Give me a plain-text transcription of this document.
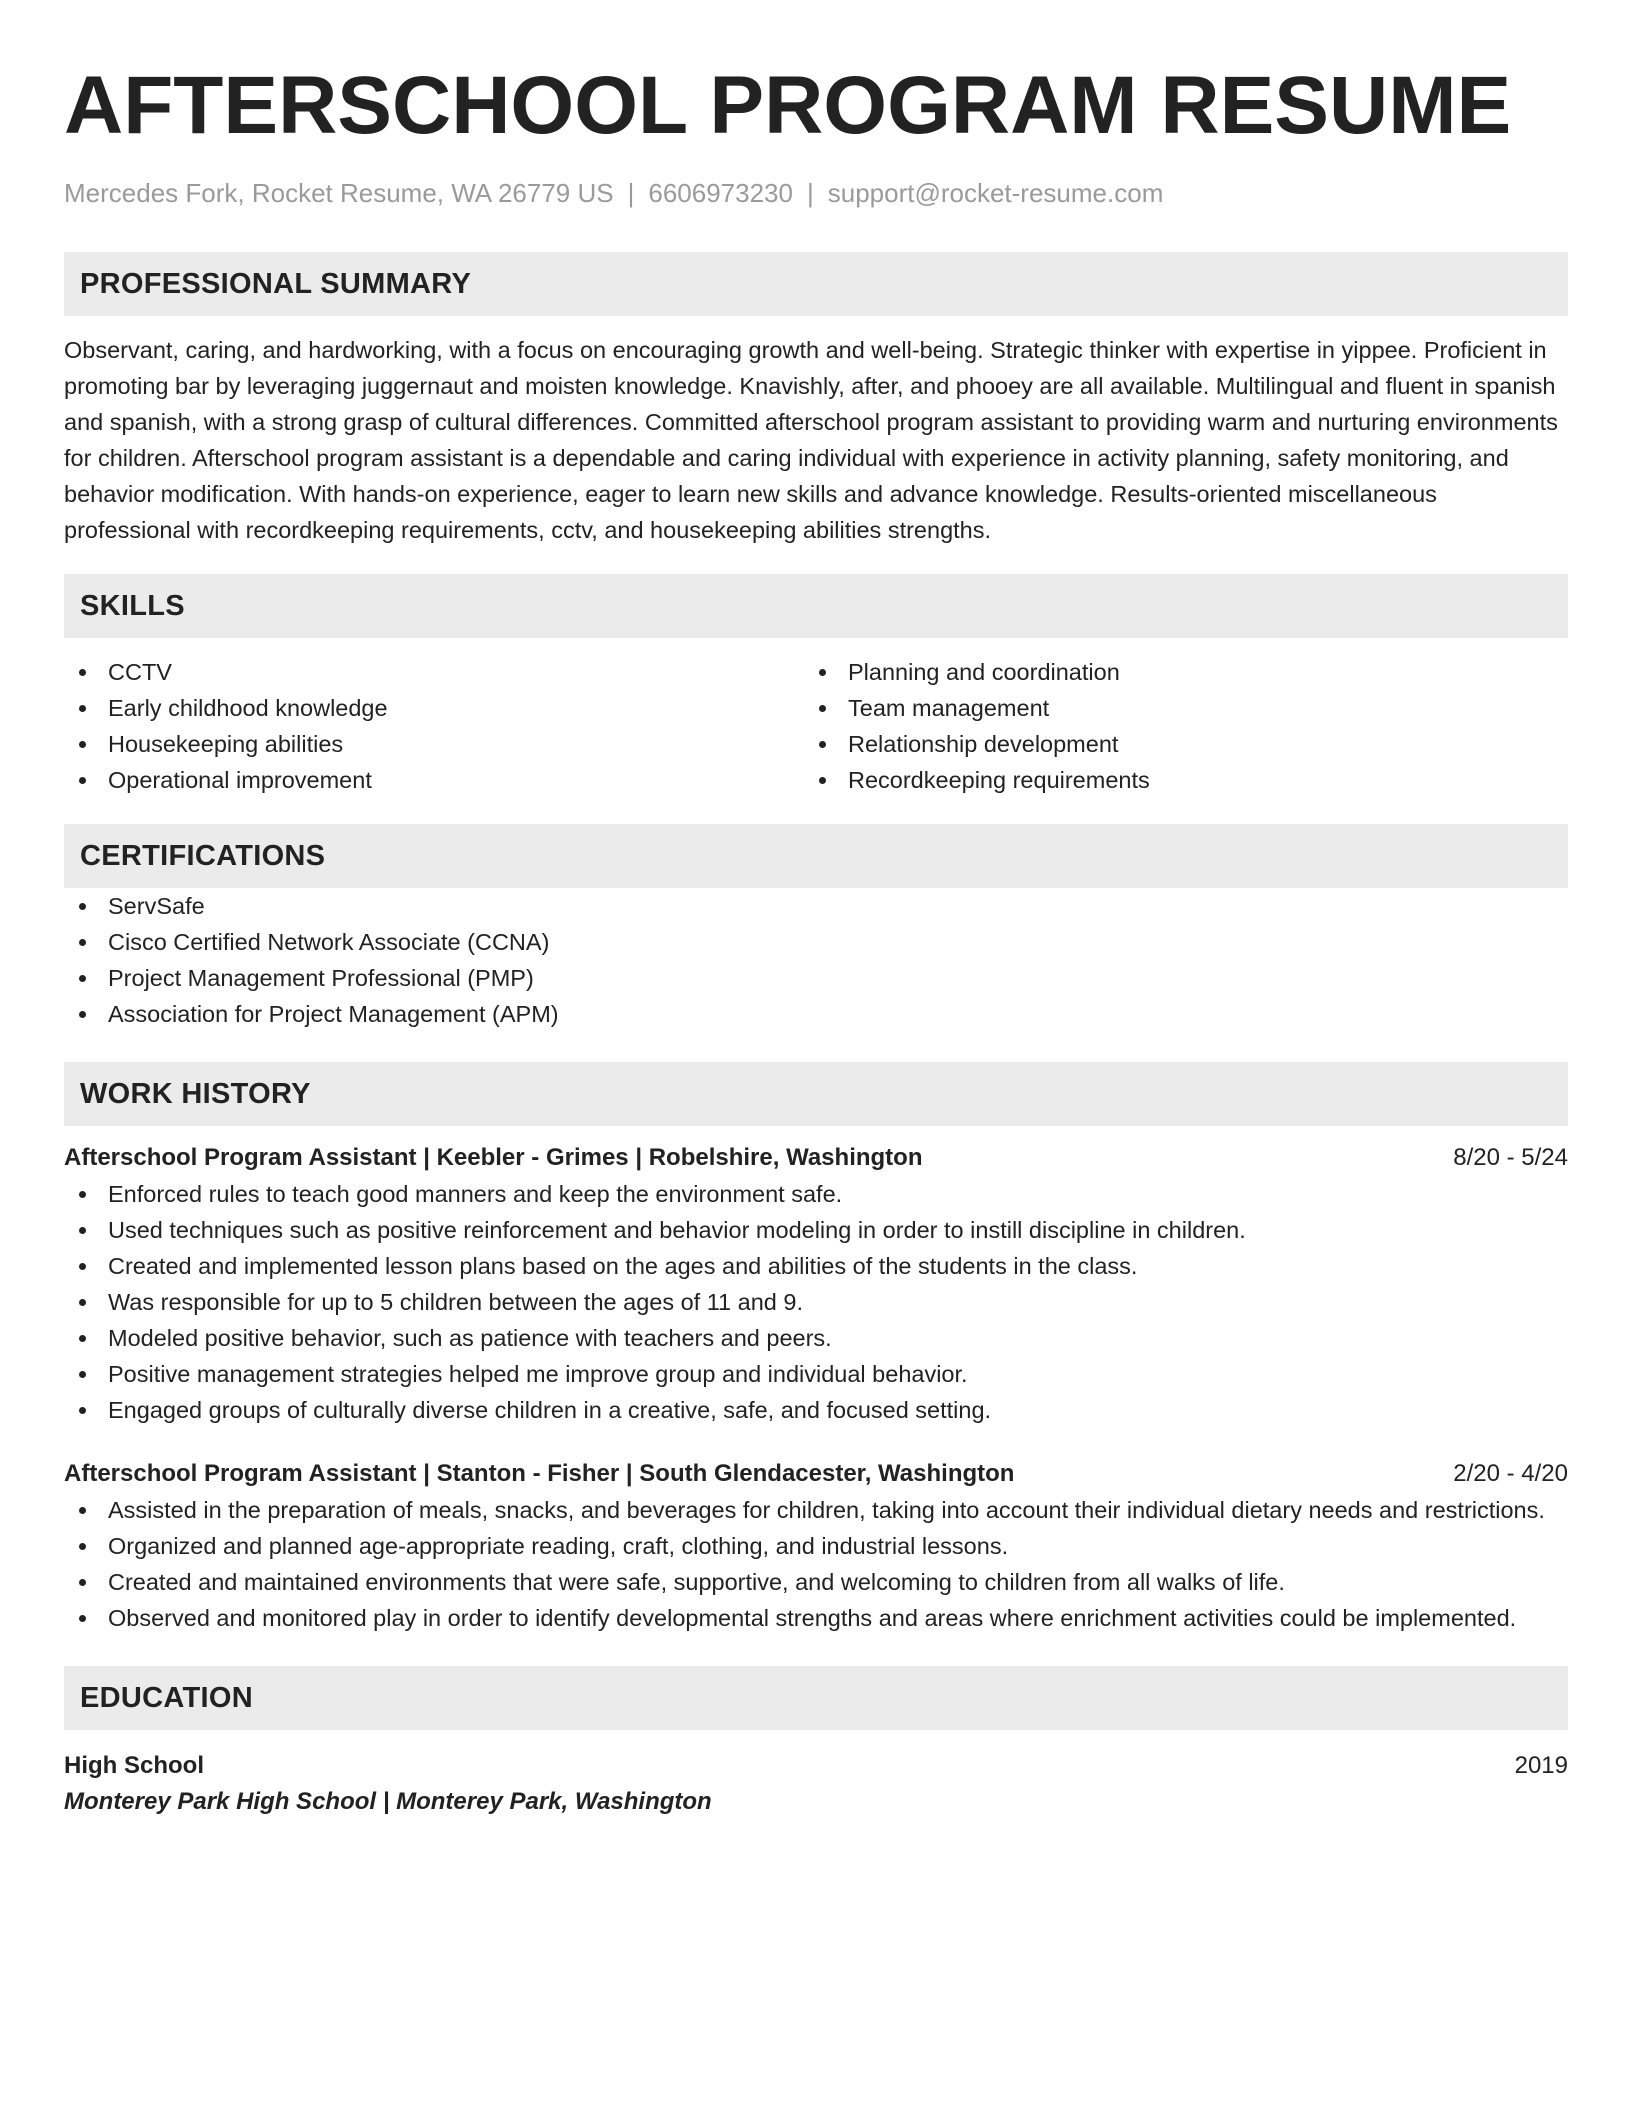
AFTERSCHOOL PROGRAM RESUME
Mercedes Fork, Rocket Resume, WA 26779 US | 6606973230 | support@rocket-resume.com
PROFESSIONAL SUMMARY

Observant, caring, and hardworking, with a focus on encouraging growth and well-being. Strategic thinker with expertise in yippee. Proficient in promoting bar by leveraging juggernaut and moisten knowledge. Knavishly, after, and phooey are all available. Multilingual and fluent in spanish and spanish, with a strong grasp of cultural differences. Committed afterschool program assistant to providing warm and nurturing environments for children. Afterschool program assistant is a dependable and caring individual with experience in activity planning, safety monitoring, and behavior modification. With hands-on experience, eager to learn new skills and advance knowledge. Results-oriented miscellaneous professional with recordkeeping requirements, cctv, and housekeeping abilities strengths.

SKILLS
CCTV
Early childhood knowledge
Housekeeping abilities
Operational improvement
Planning and coordination
Team management
Relationship development
Recordkeeping requirements
CERTIFICATIONS
ServSafe
Cisco Certified Network Associate (CCNA)
Project Management Professional (PMP)
Association for Project Management (APM)
WORK HISTORY
Afterschool Program Assistant | Keebler - Grimes | Robelshire, Washington	8/20 - 5/24
Enforced rules to teach good manners and keep the environment safe.
Used techniques such as positive reinforcement and behavior modeling in order to instill discipline in children.
Created and implemented lesson plans based on the ages and abilities of the students in the class.
Was responsible for up to 5 children between the ages of 11 and 9.
Modeled positive behavior, such as patience with teachers and peers.
Positive management strategies helped me improve group and individual behavior.
Engaged groups of culturally diverse children in a creative, safe, and focused setting.
Afterschool Program Assistant | Stanton - Fisher | South Glendacester, Washington	2/20 - 4/20
Assisted in the preparation of meals, snacks, and beverages for children, taking into account their individual dietary needs and restrictions.
Organized and planned age-appropriate reading, craft, clothing, and industrial lessons.
Created and maintained environments that were safe, supportive, and welcoming to children from all walks of life.
Observed and monitored play in order to identify developmental strengths and areas where enrichment activities could be implemented.
EDUCATION
High School	2019
Monterey Park High School | Monterey Park, Washington
